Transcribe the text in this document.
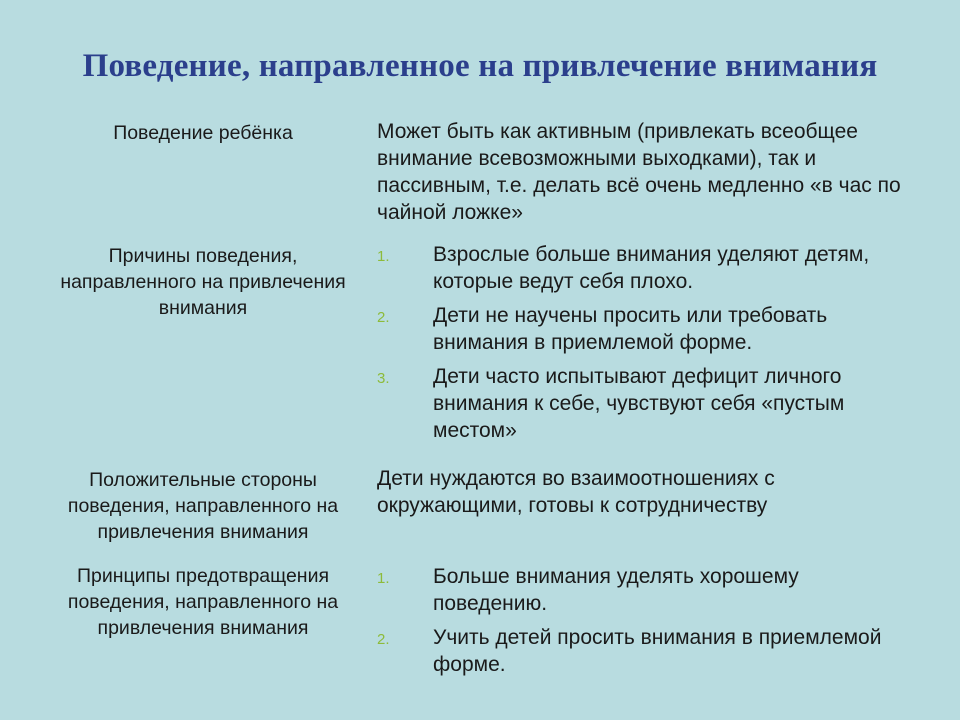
Поведение, направленное на привлечение внимания
Поведение ребёнка	Может быть как активным (привлекать всеобщее внимание всевозможными выходками), так и пассивным, т.е. делать всё очень медленно «в час по чайной ложке»

Причины поведения, направленного на привлечения внимания
1. Взрослые больше внимания уделяют детям, которые ведут себя плохо.
2. Дети не научены просить или требовать внимания в приемлемой форме.
3. Дети часто испытывают дефицит личного внимания к себе, чувствуют себя «пустым местом»
Положительные стороны поведения, направленного на привлечения внимания

Дети нуждаются во взаимоотношениях с окружающими, готовы к сотрудничеству

Принципы предотвращения поведения, направленного на привлечения внимания
1. Больше внимания уделять хорошему поведению.
2. Учить детей просить внимания в приемлемой форме.
